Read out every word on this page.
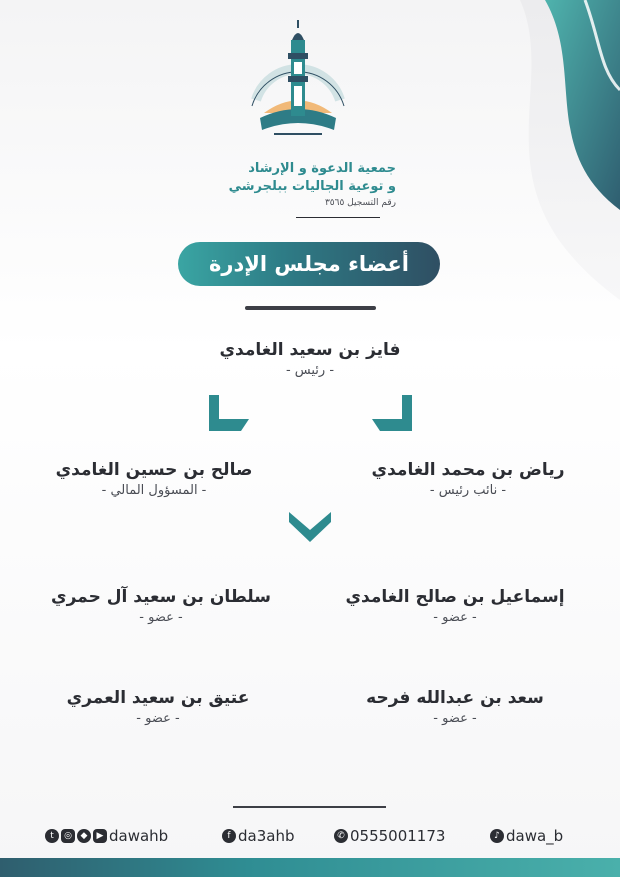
جمعية الدعوة و الإرشاد
و توعية الجاليات ببلجرشي
رقم التسجيل ٣٥٦٥
أعضاء مجلس الإدرة
فايز بن سعيد الغامدي
- رئيس -
رياض بن محمد الغامدي
- نائب رئيس -
صالح بن حسين الغامدي
- المسؤول المالي -
إسماعيل بن صالح الغامدي
- عضو -
سلطان بن سعيد آل حمري
- عضو -
سعد بن عبدالله فرحه
- عضو -
عتيق بن سعيد العمري
- عضو -
t	◎ ◆	▶ dawahb	f da3ahb	✆ 0555001173	♪ dawa_b
